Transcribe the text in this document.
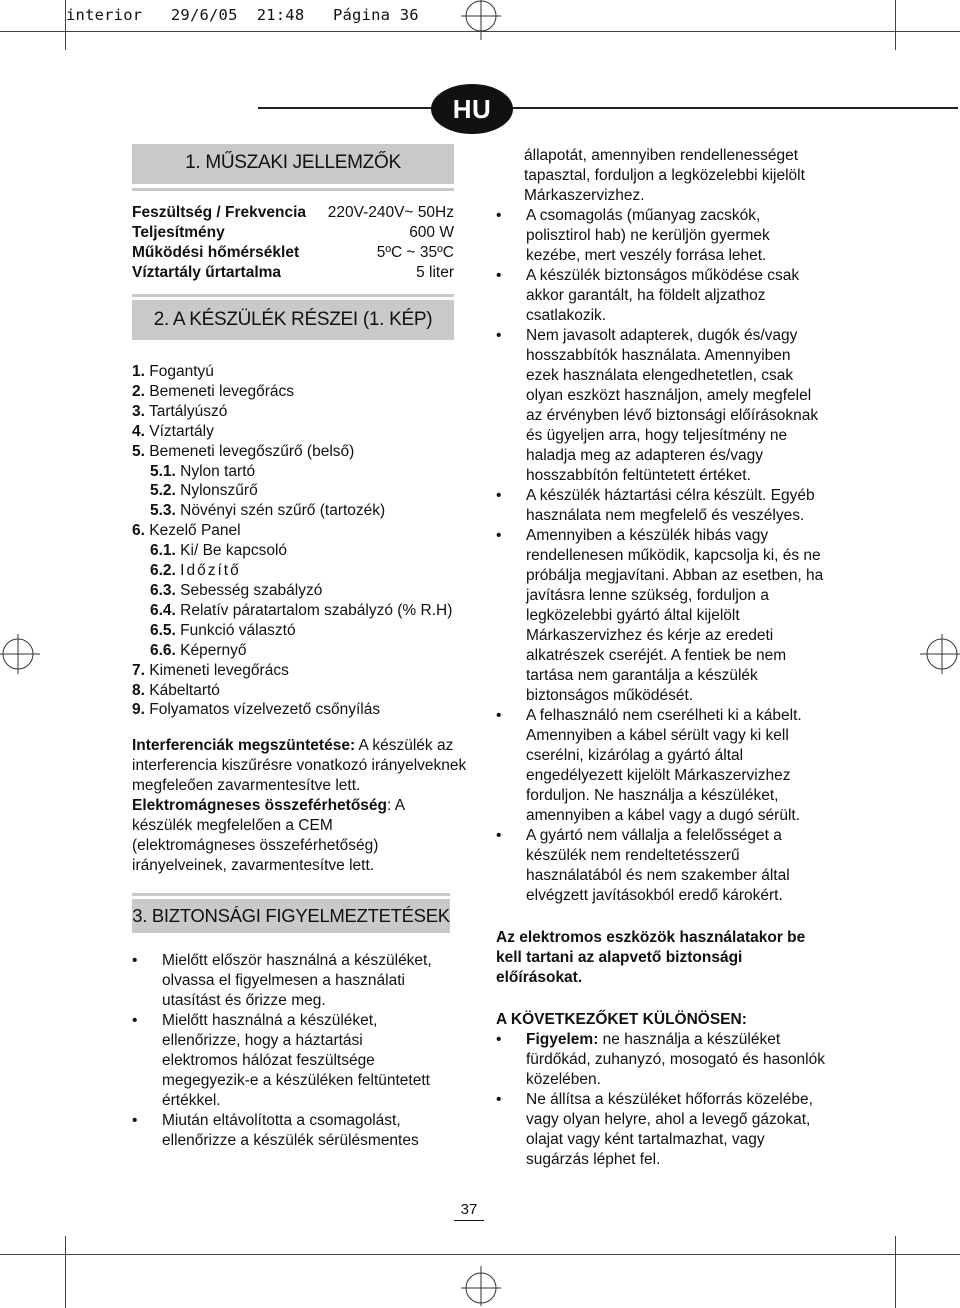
interior 29/6/05 21:48 Página 36
HU
1. MŰSZAKI JELLEMZŐK
Feszültség / Frekvencia 220V-240V~ 50Hz
Teljesítmény	600 W
Működési hőmérséklet	5ºC ~ 35ºC
Víztartály űrtartalma	5 liter
2. A KÉSZÜLÉK RÉSZEI (1. KÉP)
1. Fogantyú
2. Bemeneti levegőrács
3. Tartályúszó
4. Víztartály
5. Bemeneti levegőszűrő (belső)
5.1. Nylon tartó
5.2. Nylonszűrő
5.3. Növényi szén szűrő (tartozék)
6. Kezelő Panel
6.1. Ki/ Be kapcsoló
6.2. Időzítő
6.3. Sebesség szabályzó
6.4. Relatív páratartalom szabályzó (% R.H)
6.5. Funkció választó
6.6. Képernyő
7. Kimeneti levegőrács
8. Kábeltartó
9. Folyamatos vízelvezető csőnyílás

Interferenciák megszüntetése: A készülék az interferencia kiszűrésre vonatkozó irányelveknek megfeleően zavarmentesítve lett.

Elektromágneses összeférhetőség: A készülék megfelelően a CEM (elektromágneses összeférhetőség) irányelveinek, zavarmentesítve lett.

3. BIZTONSÁGI FIGYELMEZTETÉSEK
• Mielőtt először használná a készüléket, olvassa el figyelmesen a használati utasítást és őrizze meg.
• Mielőtt használná a készüléket, ellenőrizze, hogy a háztartási elektromos hálózat feszültsége megegyezik-e a készüléken feltüntetett értékkel.
• Miután eltávolította a csomagolást, ellenőrizze a készülék sérülésmentes

állapotát, amennyiben rendellenességet tapasztal, forduljon a legközelebbi kijelölt Márkaszervizhez.

• A csomagolás (műanyag zacskók, polisztirol hab) ne kerüljön gyermek kezébe, mert veszély forrása lehet.
• A készülék biztonságos működése csak akkor garantált, ha földelt aljzathoz csatlakozik.
• Nem javasolt adapterek, dugók és/vagy hosszabbítók használata. Amennyiben ezek használata elengedhetetlen, csak olyan eszközt használjon, amely megfelel az érvényben lévő biztonsági előírásoknak és ügyeljen arra, hogy teljesítmény ne haladja meg az adapteren és/vagy hosszabbítón feltüntetett értéket.
• A készülék háztartási célra készült. Egyéb használata nem megfelelő és veszélyes.
• Amennyiben a készülék hibás vagy rendellenesen működik, kapcsolja ki, és ne próbálja megjavítani. Abban az esetben, ha javításra lenne szükség, forduljon a legközelebbi gyártó által kijelölt Márkaszervizhez és kérje az eredeti alkatrészek cseréjét. A fentiek be nem tartása nem garantálja a készülék biztonságos működését.
• A felhasználó nem cserélheti ki a kábelt. Amennyiben a kábel sérült vagy ki kell cserélni, kizárólag a gyártó által engedélyezett kijelölt Márkaszervizhez forduljon. Ne használja a készüléket, amennyiben a kábel vagy a dugó sérült.
• A gyártó nem vállalja a felelősséget a készülék nem rendeltetésszerű használatából és nem szakember által elvégzett javításokból eredő károkért.

Az elektromos eszközök használatakor be kell tartani az alapvető biztonsági előírásokat.

A KÖVETKEZŐKET KÜLÖNÖSEN:

• Figyelem: ne használja a készüléket fürdőkád, zuhanyzó, mosogató és hasonlók közelében.
• Ne állítsa a készüléket hőforrás közelébe, vagy olyan helyre, ahol a levegő gázokat, olajat vagy ként tartalmazhat, vagy sugárzás léphet fel.
37
